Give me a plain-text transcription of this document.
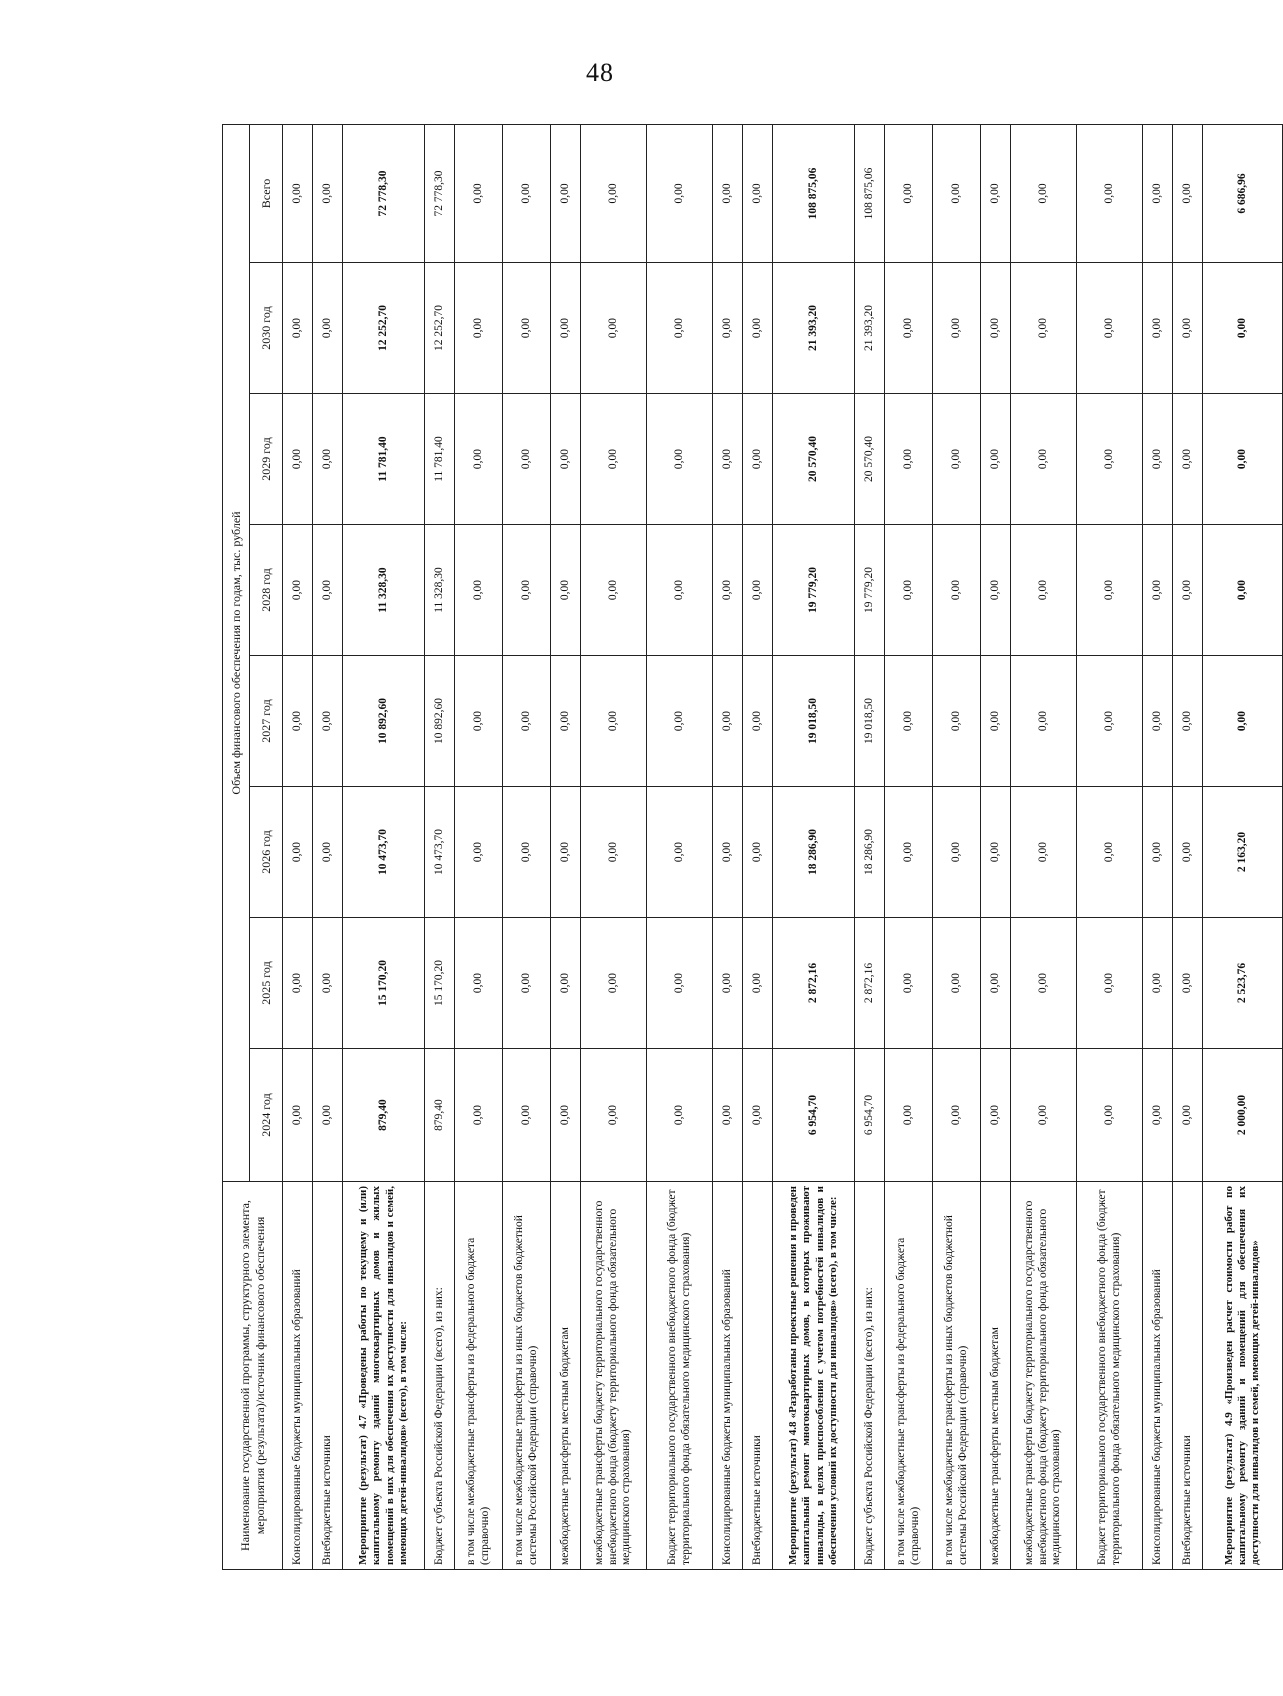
48
Наименование государственной программы, структурного элемента, мероприятия (результата)/источник финансового обеспечения	Объем финансового обеспечения по годам, тыс. рублей							
	2024 год	2025 год	2026 год	2027 год	2028 год	2029 год	2030 год	Всего
Консолидированные бюджеты муниципальных образований	0,00	0,00	0,00	0,00	0,00	0,00	0,00	0,00
Внебюджетные источники	0,00	0,00	0,00	0,00	0,00	0,00	0,00	0,00
Мероприятие (результат) 4.7 «Проведены работы по текущему и (или) капитальному ремонту зданий многоквартирных домов и жилых помещений в них для обеспечения их доступности для инвалидов и семей, имеющих детей-инвалидов» (всего), в том числе:	879,40	15 170,20	10 473,70	10 892,60	11 328,30	11 781,40	12 252,70	72 778,30
Бюджет субъекта Российской Федерации (всего), из них:	879,40	15 170,20	10 473,70	10 892,60	11 328,30	11 781,40	12 252,70	72 778,30
в том числе межбюджетные трансферты из федерального бюджета (справочно)	0,00	0,00	0,00	0,00	0,00	0,00	0,00	0,00
в том числе межбюджетные трансферты из иных бюджетов бюджетной системы Российской Федерации (справочно)	0,00	0,00	0,00	0,00	0,00	0,00	0,00	0,00
межбюджетные трансферты местным бюджетам	0,00	0,00	0,00	0,00	0,00	0,00	0,00	0,00
межбюджетные трансферты бюджету территориального государственного внебюджетного фонда (бюджету территориального фонда обязательного медицинского страхования)	0,00	0,00	0,00	0,00	0,00	0,00	0,00	0,00
Бюджет территориального государственного внебюджетного фонда (бюджет территориального фонда обязательного медицинского страхования)	0,00	0,00	0,00	0,00	0,00	0,00	0,00	0,00
Консолидированные бюджеты муниципальных образований	0,00	0,00	0,00	0,00	0,00	0,00	0,00	0,00
Внебюджетные источники	0,00	0,00	0,00	0,00	0,00	0,00	0,00	0,00
Мероприятие (результат) 4.8 «Разработаны проектные решения и проведен капитальный ремонт многоквартирных домов, в которых проживают инвалиды, в целях приспособления с учетом потребностей инвалидов и обеспечения условий их доступности для инвалидов» (всего), в том числе:	6 954,70	2 872,16	18 286,90	19 018,50	19 779,20	20 570,40	21 393,20	108 875,06
Бюджет субъекта Российской Федерации (всего), из них:	6 954,70	2 872,16	18 286,90	19 018,50	19 779,20	20 570,40	21 393,20	108 875,06
в том числе межбюджетные трансферты из федерального бюджета (справочно)	0,00	0,00	0,00	0,00	0,00	0,00	0,00	0,00
в том числе межбюджетные трансферты из иных бюджетов бюджетной системы Российской Федерации (справочно)	0,00	0,00	0,00	0,00	0,00	0,00	0,00	0,00
межбюджетные трансферты местным бюджетам	0,00	0,00	0,00	0,00	0,00	0,00	0,00	0,00
межбюджетные трансферты бюджету территориального государственного внебюджетного фонда (бюджету территориального фонда обязательного медицинского страхования)	0,00	0,00	0,00	0,00	0,00	0,00	0,00	0,00
Бюджет территориального государственного внебюджетного фонда (бюджет территориального фонда обязательного медицинского страхования)	0,00	0,00	0,00	0,00	0,00	0,00	0,00	0,00
Консолидированные бюджеты муниципальных образований	0,00	0,00	0,00	0,00	0,00	0,00	0,00	0,00
Внебюджетные источники	0,00	0,00	0,00	0,00	0,00	0,00	0,00	0,00
Мероприятие (результат) 4.9 «Произведен расчет стоимости работ по капитальному ремонту зданий и помещений для обеспечения их доступности для инвалидов и семей, имеющих детей-инвалидов»	2 000,00	2 523,76	2 163,20	0,00	0,00	0,00	0,00	6 686,96
